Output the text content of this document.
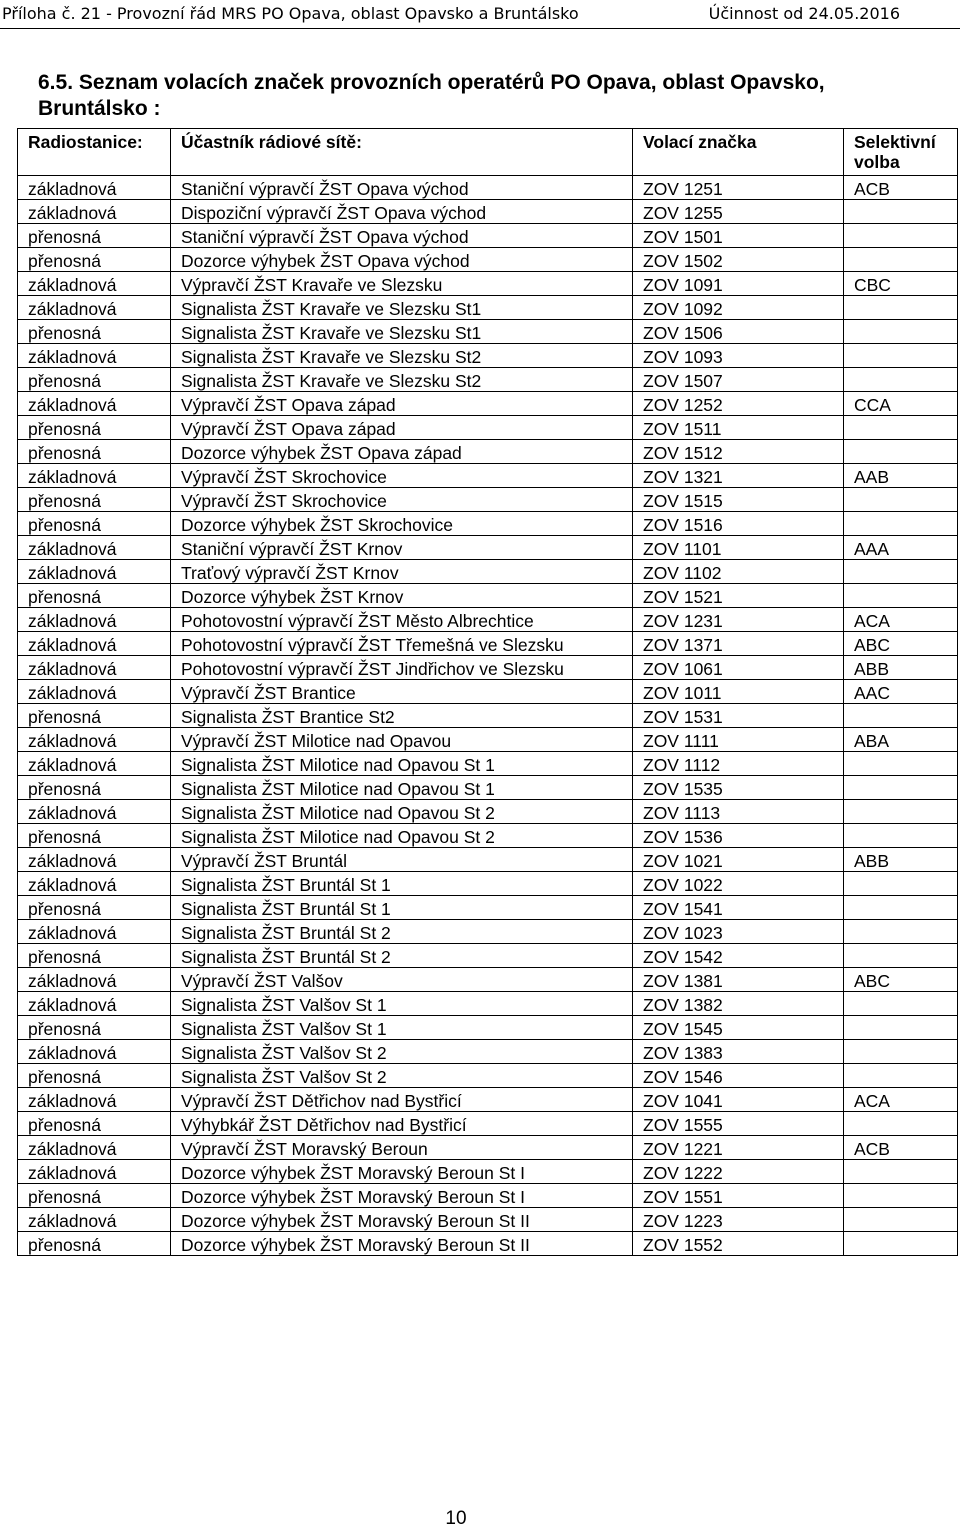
Příloha č. 21 - Provozní řád MRS PO Opava, oblast Opavsko a Bruntálsko	Účinnost od 24.05.2016
6.5. Seznam volacích značek provozních operatérů PO Opava, oblast Opavsko, Bruntálsko :
Radiostanice:	Účastník rádiové sítě:	Volací značka	Selektivní volba
základnová	Staniční výpravčí ŽST Opava východ	ZOV 1251	ACB
základnová	Dispoziční výpravčí ŽST Opava východ	ZOV 1255	
přenosná	Staniční výpravčí ŽST Opava východ	ZOV 1501	
přenosná	Dozorce výhybek ŽST Opava východ	ZOV 1502	
základnová	Výpravčí ŽST Kravaře ve Slezsku	ZOV 1091	CBC
základnová	Signalista ŽST Kravaře ve Slezsku St1	ZOV 1092	
přenosná	Signalista ŽST Kravaře ve Slezsku St1	ZOV 1506	
základnová	Signalista ŽST Kravaře ve Slezsku St2	ZOV 1093	
přenosná	Signalista ŽST Kravaře ve Slezsku St2	ZOV 1507	
základnová	Výpravčí ŽST Opava západ	ZOV 1252	CCA
přenosná	Výpravčí ŽST Opava západ	ZOV 1511	
přenosná	Dozorce výhybek ŽST Opava západ	ZOV 1512	
základnová	Výpravčí ŽST Skrochovice	ZOV 1321	AAB
přenosná	Výpravčí ŽST Skrochovice	ZOV 1515	
přenosná	Dozorce výhybek ŽST Skrochovice	ZOV 1516	
základnová	Staniční výpravčí ŽST Krnov	ZOV 1101	AAA
základnová	Traťový výpravčí ŽST Krnov	ZOV 1102	
přenosná	Dozorce výhybek ŽST Krnov	ZOV 1521	
základnová	Pohotovostní výpravčí ŽST Město Albrechtice	ZOV 1231	ACA
základnová	Pohotovostní výpravčí ŽST Třemešná ve Slezsku	ZOV 1371	ABC
základnová	Pohotovostní výpravčí ŽST Jindřichov ve Slezsku	ZOV 1061	ABB
základnová	Výpravčí ŽST Brantice	ZOV 1011	AAC
přenosná	Signalista ŽST Brantice St2	ZOV 1531	
základnová	Výpravčí ŽST Milotice nad Opavou	ZOV 1111	ABA
základnová	Signalista ŽST Milotice nad Opavou St 1	ZOV 1112	
přenosná	Signalista ŽST Milotice nad Opavou St 1	ZOV 1535	
základnová	Signalista ŽST Milotice nad Opavou St 2	ZOV 1113	
přenosná	Signalista ŽST Milotice nad Opavou St 2	ZOV 1536	
základnová	Výpravčí ŽST Bruntál	ZOV 1021	ABB
základnová	Signalista ŽST Bruntál St 1	ZOV 1022	
přenosná	Signalista ŽST Bruntál St 1	ZOV 1541	
základnová	Signalista ŽST Bruntál St 2	ZOV 1023	
přenosná	Signalista ŽST Bruntál St 2	ZOV 1542	
základnová	Výpravčí ŽST Valšov	ZOV 1381	ABC
základnová	Signalista ŽST Valšov St 1	ZOV 1382	
přenosná	Signalista ŽST Valšov St 1	ZOV 1545	
základnová	Signalista ŽST Valšov St 2	ZOV 1383	
přenosná	Signalista ŽST Valšov St 2	ZOV 1546	
základnová	Výpravčí ŽST Dětřichov nad Bystřicí	ZOV 1041	ACA
přenosná	Výhybkář ŽST Dětřichov nad Bystřicí	ZOV 1555	
základnová	Výpravčí ŽST Moravský Beroun	ZOV 1221	ACB
základnová	Dozorce výhybek ŽST Moravský Beroun St I	ZOV 1222	
přenosná	Dozorce výhybek ŽST Moravský Beroun St I	ZOV 1551	
základnová	Dozorce výhybek ŽST Moravský Beroun St II	ZOV 1223	
přenosná	Dozorce výhybek ŽST Moravský Beroun St II	ZOV 1552	
10
